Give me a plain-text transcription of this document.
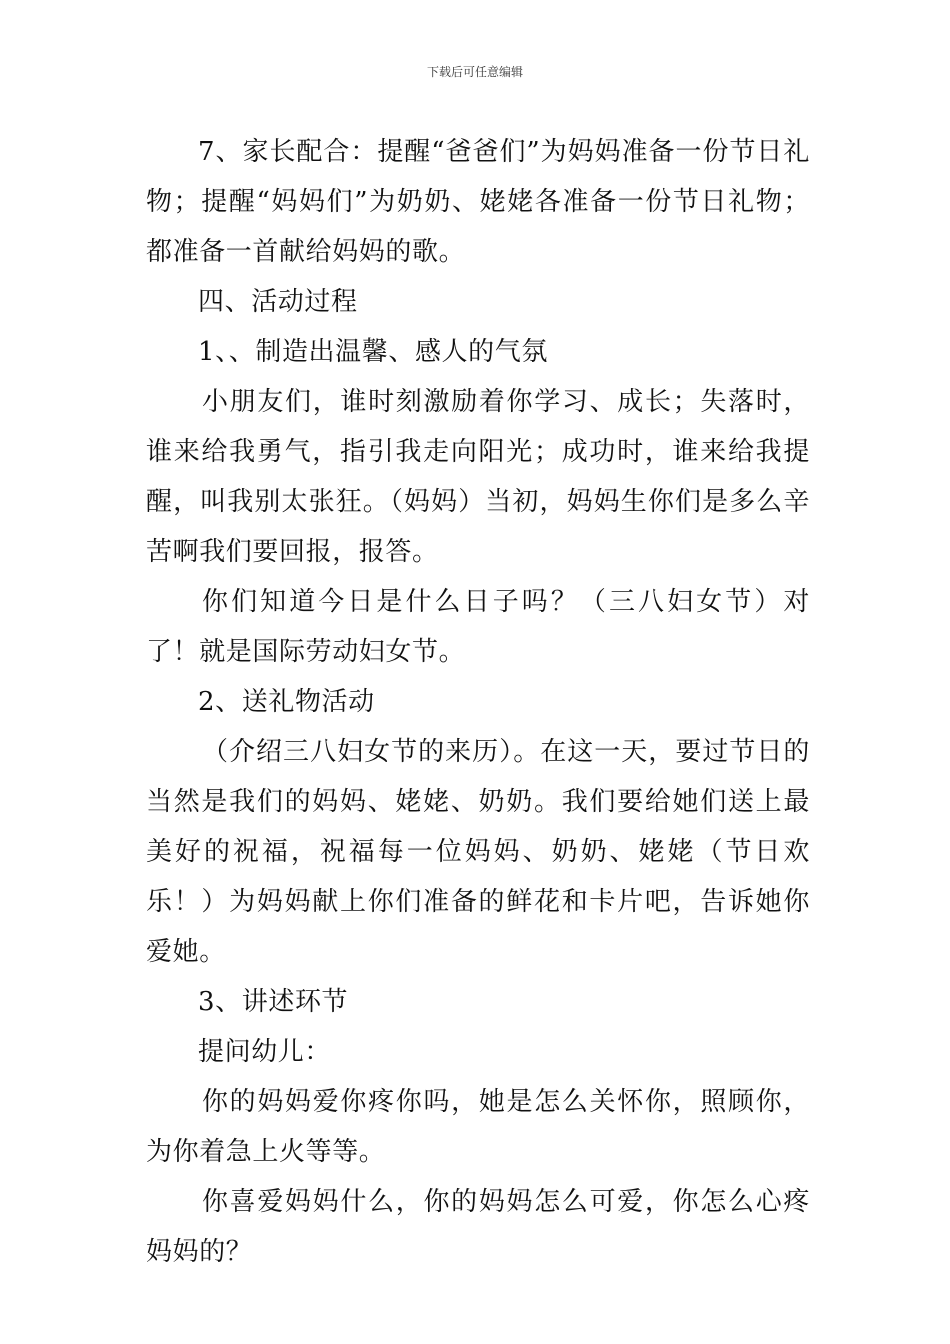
下载后可任意编辑

7、家长配合：提醒“爸爸们”为妈妈准备一份节日礼物；提醒“妈妈们”为奶奶、姥姥各准备一份节日礼物；都准备一首献给妈妈的歌。

四、活动过程

1、、制造出温馨、感人的气氛

小朋友们，谁时刻激励着你学习、成长；失落时，谁来给我勇气，指引我走向阳光；成功时，谁来给我提醒，叫我别太张狂。（妈妈）当初，妈妈生你们是多么辛苦啊我们要回报，报答。

你们知道今日是什么日子吗？（三八妇女节）对了！就是国际劳动妇女节。

2、送礼物活动

（介绍三八妇女节的来历）。在这一天，要过节日的当然是我们的妈妈、姥姥、奶奶。我们要给她们送上最美好的祝福，祝福每一位妈妈、奶奶、姥姥（节日欢乐！）为妈妈献上你们准备的鲜花和卡片吧，告诉她你爱她。

3、讲述环节

提问幼儿：

你的妈妈爱你疼你吗，她是怎么关怀你，照顾你，为你着急上火等等。

你喜爱妈妈什么，你的妈妈怎么可爱，你怎么心疼妈妈的？
